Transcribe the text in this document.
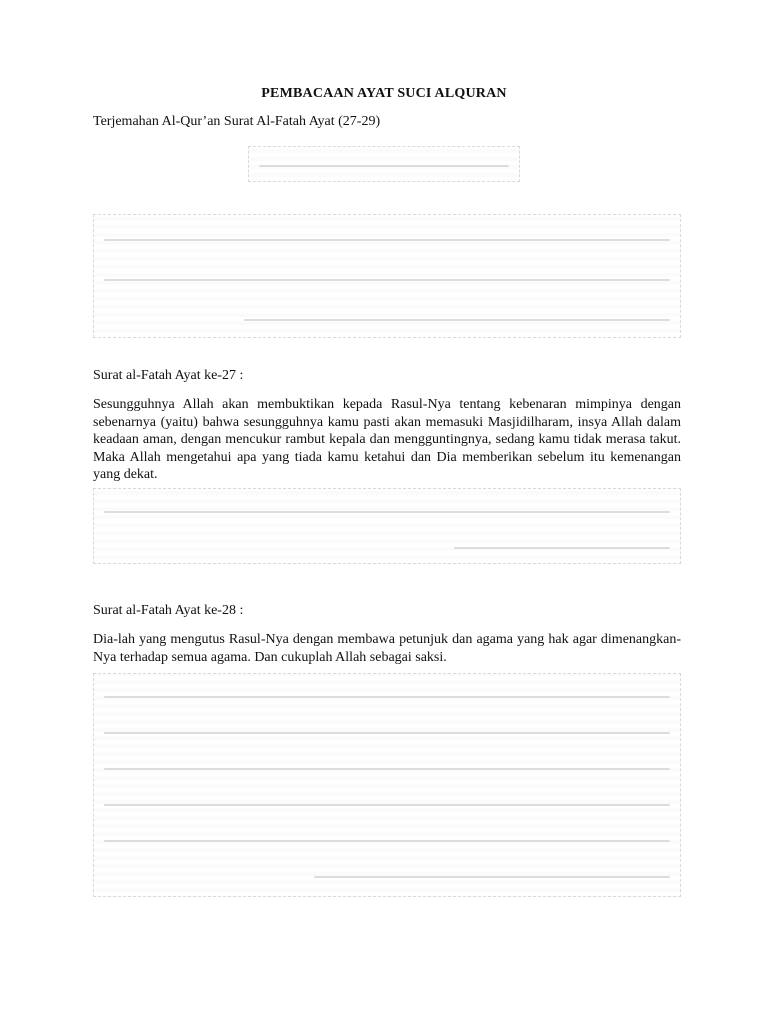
PEMBACAAN AYAT SUCI ALQURAN
Terjemahan Al-Qur’an Surat Al-Fatah Ayat (27-29)
Surat al-Fatah Ayat ke-27 :
Sesungguhnya Allah akan membuktikan kepada Rasul-Nya tentang kebenaran mimpinya dengan sebenarnya (yaitu) bahwa sesungguhnya kamu pasti akan memasuki Masjidilharam, insya Allah dalam keadaan aman, dengan mencukur rambut kepala dan mengguntingnya, sedang kamu tidak merasa takut. Maka Allah mengetahui apa yang tiada kamu ketahui dan Dia memberikan sebelum itu kemenangan yang dekat.
Surat al-Fatah Ayat ke-28 :
Dia-lah yang mengutus Rasul-Nya dengan membawa petunjuk dan agama yang hak agar dimenangkan-Nya terhadap semua agama. Dan cukuplah Allah sebagai saksi.
